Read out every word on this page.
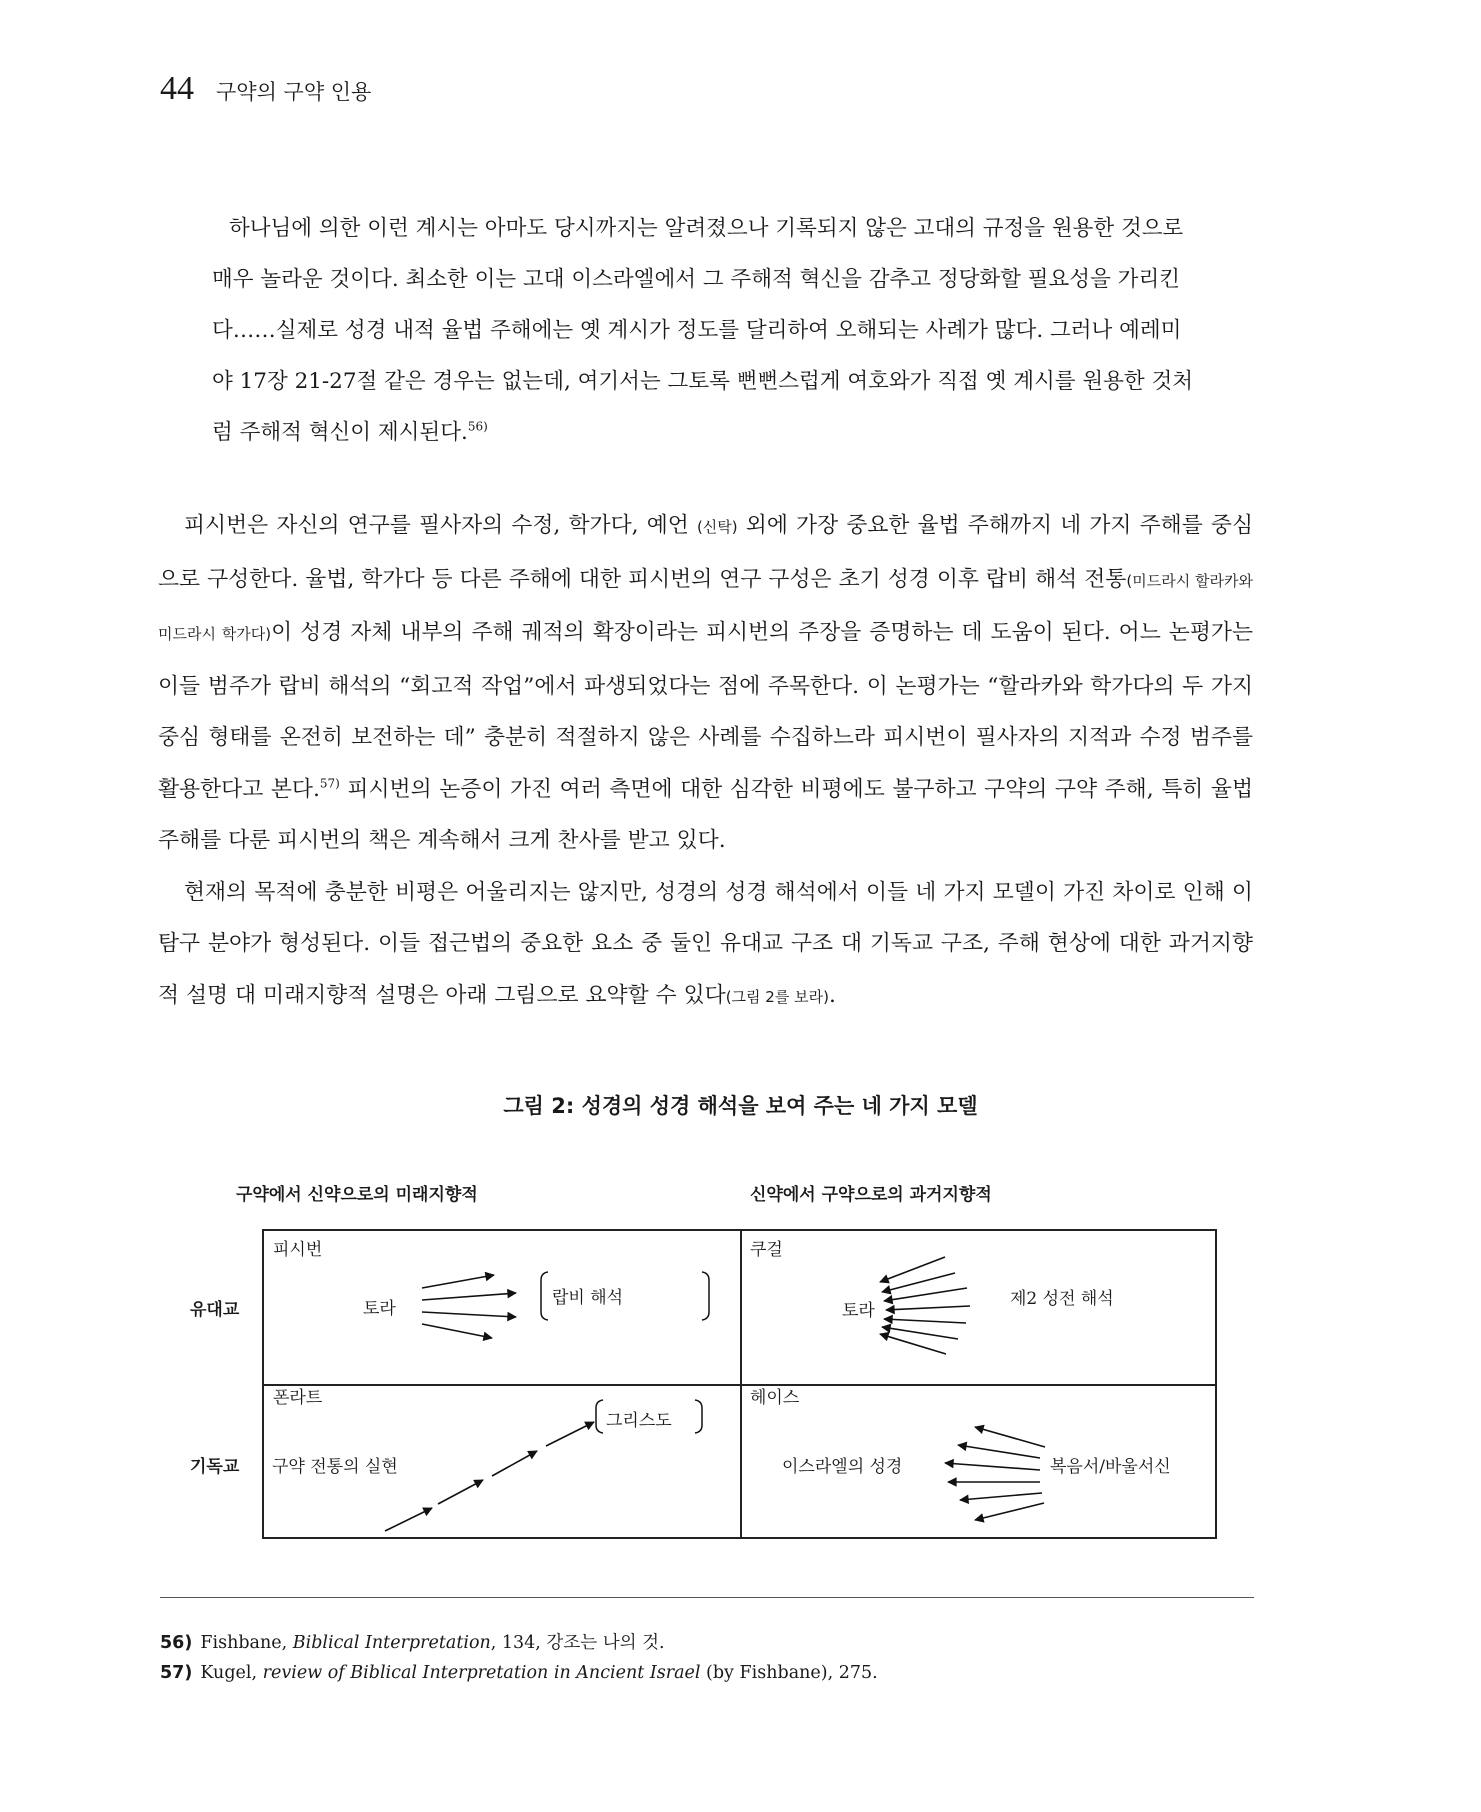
44 구약의 구약 인용

하나님에 의한 이런 계시는 아마도 당시까지는 알려졌으나 기록되지 않은 고대의 규정을 원용한 것으로 매우 놀라운 것이다. 최소한 이는 고대 이스라엘에서 그 주해적 혁신을 감추고 정당화할 필요성을 가리킨다……실제로 성경 내적 율법 주해에는 옛 계시가 정도를 달리하여 오해되는 사례가 많다. 그러나 예레미야 17장 21-27절 같은 경우는 없는데, 여기서는 그토록 뻔뻔스럽게 여호와가 직접 옛 계시를 원용한 것처럼 주해적 혁신이 제시된다.$^{56)}$

피시번은 자신의 연구를 필사자의 수정, 학가다, 예언 (신탁) 외에 가장 중요한 율법 주해까지 네 가지 주해를 중심으로 구성한다. 율법, 학가다 등 다른 주해에 대한 피시번의 연구 구성은 초기 성경 이후 랍비 해석 전통(미드라시 할라카와 미드라시 학가다)이 성경 자체 내부의 주해 궤적의 확장이라는 피시번의 주장을 증명하는 데 도움이 된다. 어느 논평가는 이들 범주가 랍비 해석의 “회고적 작업”에서 파생되었다는 점에 주목한다. 이 논평가는 “할라카와 학가다의 두 가지 중심 형태를 온전히 보전하는 데” 충분히 적절하지 않은 사례를 수집하느라 피시번이 필사자의 지적과 수정 범주를 활용한다고 본다.$^{57)}$ 피시번의 논증이 가진 여러 측면에 대한 심각한 비평에도 불구하고 구약의 구약 주해, 특히 율법 주해를 다룬 피시번의 책은 계속해서 크게 찬사를 받고 있다.

현재의 목적에 충분한 비평은 어울리지는 않지만, 성경의 성경 해석에서 이들 네 가지 모델이 가진 차이로 인해 이 탐구 분야가 형성된다. 이들 접근법의 중요한 요소 중 둘인 유대교 구조 대 기독교 구조, 주해 현상에 대한 과거지향적 설명 대 미래지향적 설명은 아래 그림으로 요약할 수 있다(그림 2를 보라).

그림 2: 성경의 성경 해석을 보여 주는 네 가지 모델
구약에서 신약으로의 미래지향적	신약에서 구약으로의 과거지향적
유대교
기독교
피시번
토라
랍비 해석
쿠걸
토라
제2 성전 해석
폰라트
구약 전통의 실현
그리스도
헤이스
이스라엘의 성경	복음서/바울서신
56) Fishbane, Biblical Interpretation, 134, 강조는 나의 것.
57) Kugel, review of Biblical Interpretation in Ancient Israel (by Fishbane), 275.
